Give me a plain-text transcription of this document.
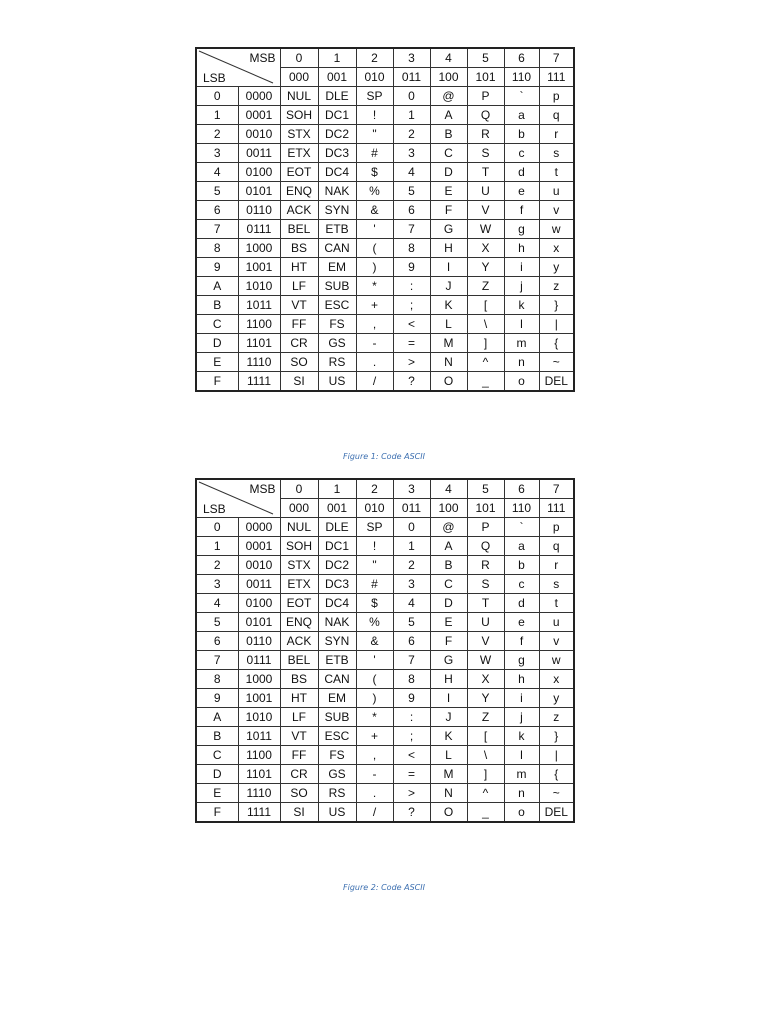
MSB
LSB		0	1	2	3	4	5	6	7
		000	001	010	011	100	101	110	111
0	0000	NUL	DLE	SP	0	@	P	`	p
1	0001	SOH	DC1	!	1	A	Q	a	q
2	0010	STX	DC2	"	2	B	R	b	r
3	0011	ETX	DC3	#	3	C	S	c	s
4	0100	EOT	DC4	$	4	D	T	d	t
5	0101	ENQ	NAK	%	5	E	U	e	u
6	0110	ACK	SYN	&	6	F	V	f	v
7	0111	BEL	ETB	'	7	G	W	g	w
8	1000	BS	CAN	(	8	H	X	h	x
9	1001	HT	EM	)	9	I	Y	i	y
A	1010	LF	SUB	*	:	J	Z	j	z
B	1011	VT	ESC	+	;	K	[	k	}
C	1100	FF	FS	,	<	L	\	l	|
D	1101	CR	GS	-	=	M	]	m	{
E	1110	SO	RS	.	>	N	^	n	~
F	1111	SI	US	/	?	O	_	o	DEL
Figure 1: Code ASCII
MSB
LSB		0	1	2	3	4	5	6	7
		000	001	010	011	100	101	110	111
0	0000	NUL	DLE	SP	0	@	P	`	p
1	0001	SOH	DC1	!	1	A	Q	a	q
2	0010	STX	DC2	"	2	B	R	b	r
3	0011	ETX	DC3	#	3	C	S	c	s
4	0100	EOT	DC4	$	4	D	T	d	t
5	0101	ENQ	NAK	%	5	E	U	e	u
6	0110	ACK	SYN	&	6	F	V	f	v
7	0111	BEL	ETB	'	7	G	W	g	w
8	1000	BS	CAN	(	8	H	X	h	x
9	1001	HT	EM	)	9	I	Y	i	y
A	1010	LF	SUB	*	:	J	Z	j	z
B	1011	VT	ESC	+	;	K	[	k	}
C	1100	FF	FS	,	<	L	\	l	|
D	1101	CR	GS	-	=	M	]	m	{
E	1110	SO	RS	.	>	N	^	n	~
F	1111	SI	US	/	?	O	_	o	DEL
Figure 2: Code ASCII
